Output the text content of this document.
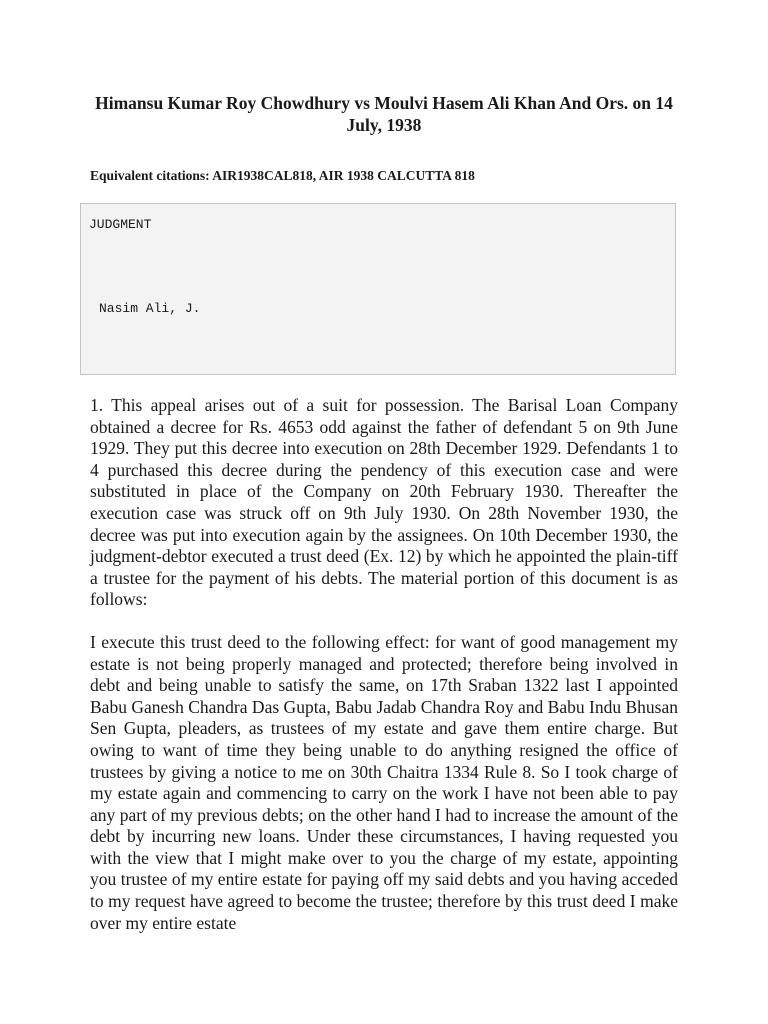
Himansu Kumar Roy Chowdhury vs Moulvi Hasem Ali Khan And Ors. on 14 July, 1938
Equivalent citations: AIR1938CAL818, AIR 1938 CALCUTTA 818
JUDGMENT
Nasim Ali, J.

1. This appeal arises out of a suit for possession. The Barisal Loan Company obtained a decree for Rs. 4653 odd against the father of defendant 5 on 9th June 1929. They put this decree into execution on 28th December 1929. Defendants 1 to 4 purchased this decree during the pendency of this execution case and were substituted in place of the Company on 20th February 1930. Thereafter the execution case was struck off on 9th July 1930. On 28th November 1930, the decree was put into execution again by the assignees. On 10th December 1930, the judgment-debtor executed a trust deed (Ex. 12) by which he appointed the plain-tiff a trustee for the payment of his debts. The material portion of this document is as follows:

I execute this trust deed to the following effect: for want of good management my estate is not being properly managed and protected; therefore being involved in debt and being unable to satisfy the same, on 17th Sraban 1322 last I appointed Babu Ganesh Chandra Das Gupta, Babu Jadab Chandra Roy and Babu Indu Bhusan Sen Gupta, pleaders, as trustees of my estate and gave them entire charge. But owing to want of time they being unable to do anything resigned the office of trustees by giving a notice to me on 30th Chaitra 1334 Rule 8. So I took charge of my estate again and commencing to carry on the work I have not been able to pay any part of my previous debts; on the other hand I had to increase the amount of the debt by incurring new loans. Under these circumstances, I having requested you with the view that I might make over to you the charge of my estate, appointing you trustee of my entire estate for paying off my said debts and you having acceded to my request have agreed to become the trustee; therefore by this trust deed I make over my entire estate
